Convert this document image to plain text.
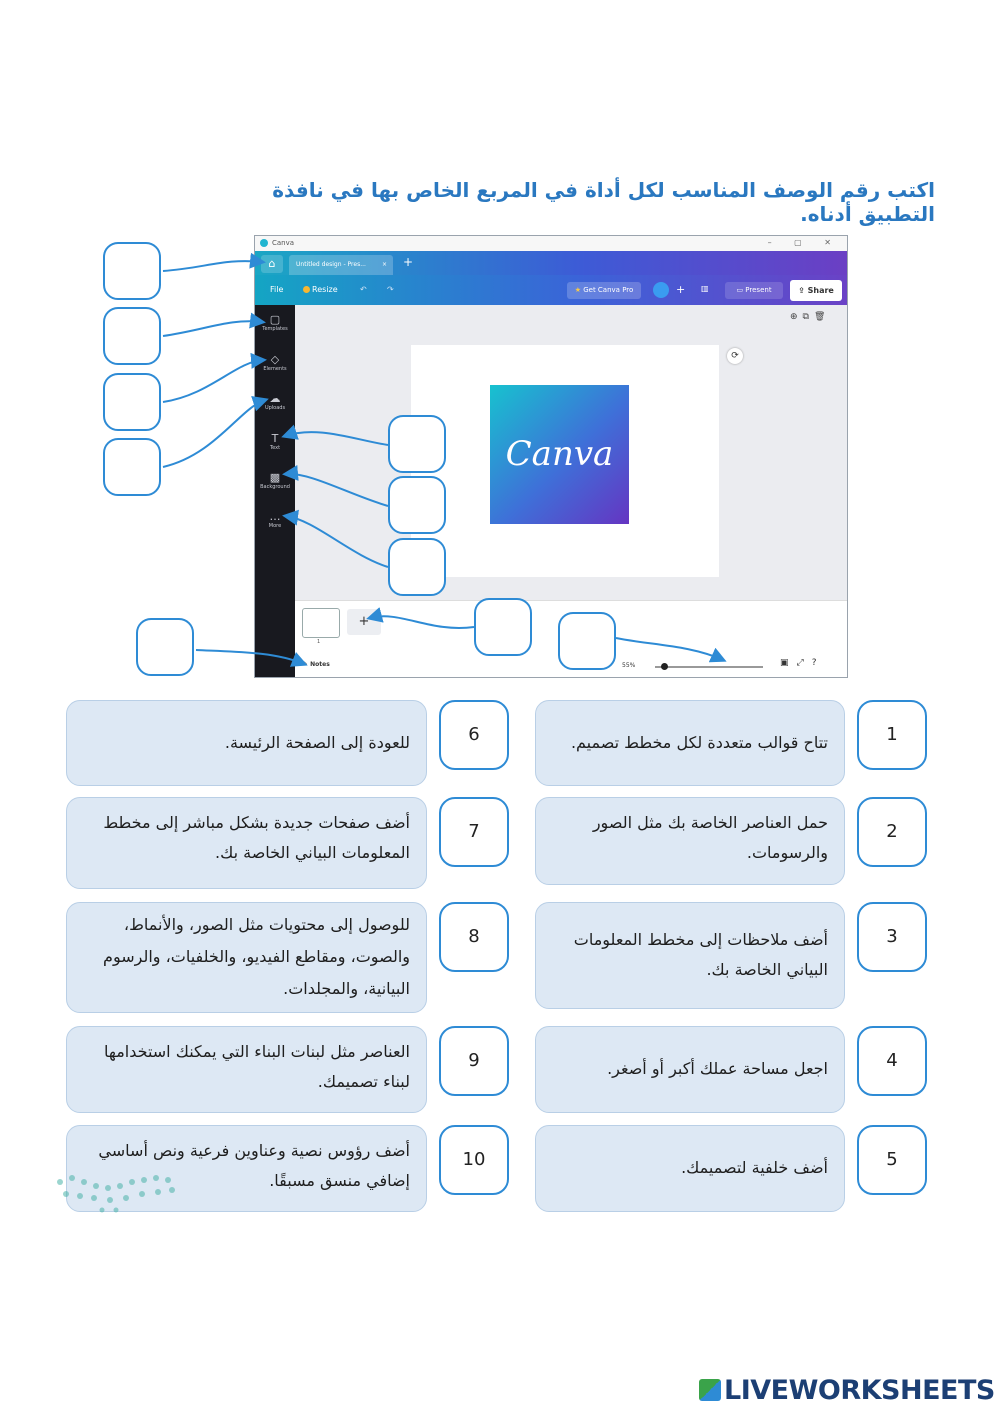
اكتب رقم الوصف المناسب لكل أداة في المربع الخاص بها في نافذة التطبيق أدناه.
Canva	– ▢ ✕
⌂	Untitled design - Pres...	× +
File	Resize	↶	↷	★ Get Canva Pro	+ ▥	▭ Present	⇪ Share
▢
Templates
◇
Elements
☁
Uploads
T
Text
▩
Background
…
More
⊕⧉🗑
Canva
⟳
1
+
✎ Notes	55%	▣⤢?
تتاح قوالب متعددة لكل مخطط تصميم.	1
حمل العناصر الخاصة بك مثل الصور والرسومات.
2
أضف ملاحظات إلى مخطط المعلومات البياني الخاصة بك.
3
اجعل مساحة عملك أكبر أو أصغر.	4
أضف خلفية لتصميمك.	5
للعودة إلى الصفحة الرئيسة.	6
أضف صفحات جديدة بشكل مباشر إلى مخطط المعلومات البياني الخاصة بك.
7
للوصول إلى محتويات مثل الصور، والأنماط، والصوت، ومقاطع الفيديو، والخلفيات، والرسوم البيانية، والمجلدات.
8
العناصر مثل لبنات البناء التي يمكنك استخدامها لبناء تصميمك.
9
أضف رؤوس نصية وعناوين فرعية ونص أساسي إضافي منسق مسبقًا.
10
LIVEWORKSHEETS
